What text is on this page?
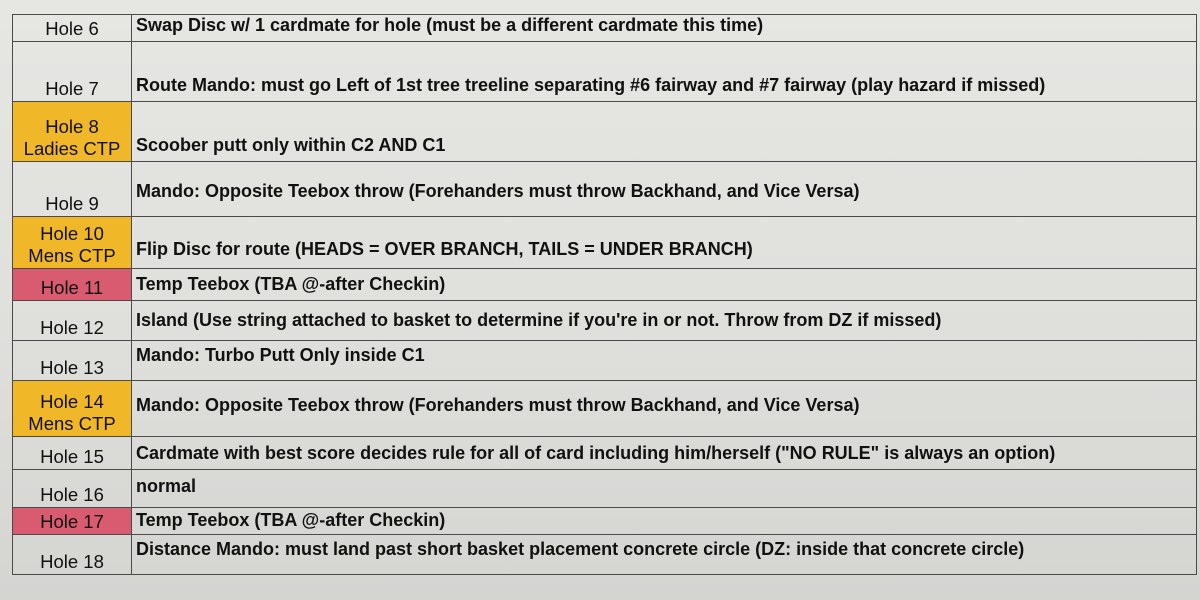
Hole 6	Swap Disc w/ 1 cardmate for hole (must be a different cardmate this time)

Hole 7	Route Mando: must go Left of 1st tree treeline separating #6 fairway and #7 fairway (play hazard if missed)

Hole 8
Ladies CTP	Scoober putt only within C2 AND C1

Hole 9	Mando: Opposite Teebox throw (Forehanders must throw Backhand, and Vice Versa)

Hole 10
Mens CTP	Flip Disc for route (HEADS = OVER BRANCH, TAILS = UNDER BRANCH)

Hole 11	Temp Teebox (TBA @-after Checkin)

Hole 12	Island (Use string attached to basket to determine if you're in or not. Throw from DZ if missed)

Hole 13	Mando: Turbo Putt Only inside C1

Hole 14
Mens CTP	Mando: Opposite Teebox throw (Forehanders must throw Backhand, and Vice Versa)

Hole 15	Cardmate with best score decides rule for all of card including him/herself ("NO RULE" is always an option)

Hole 16	normal

Hole 17	Temp Teebox (TBA @-after Checkin)

Hole 18	Distance Mando: must land past short basket placement concrete circle (DZ: inside that concrete circle)
